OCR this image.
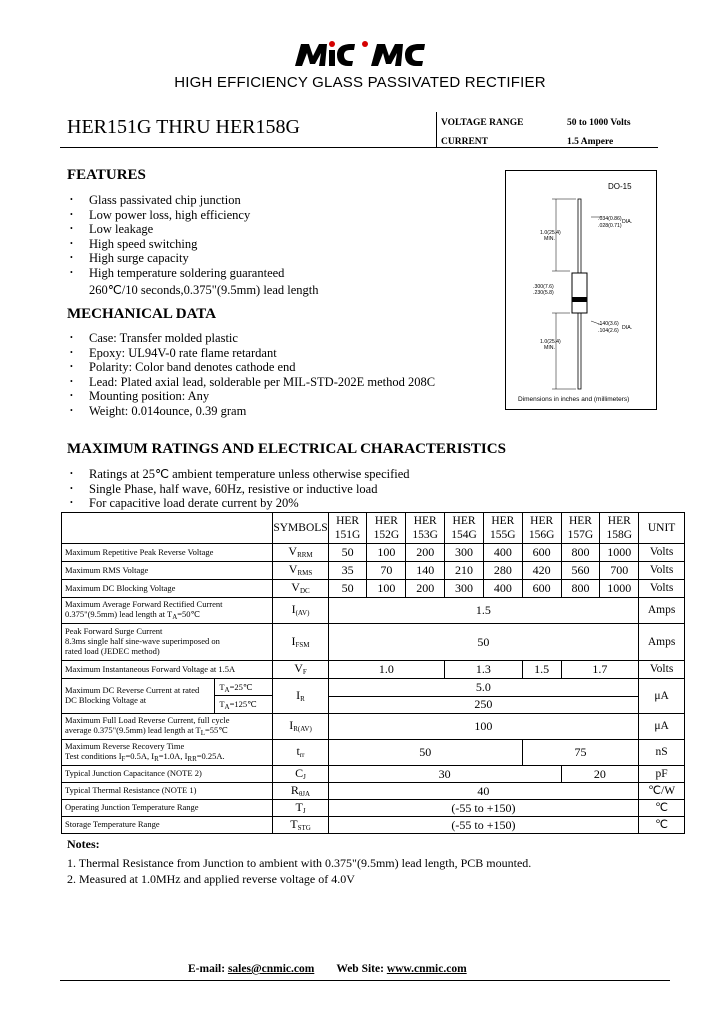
HIGH EFFICIENCY GLASS PASSIVATED RECTIFIER
HER151G THRU HER158G	VOLTAGE RANGE	50 to 1000 Volts
CURRENT	1.5 Ampere
FEATURES
• Glass passivated chip junction
• Low power loss, high efficiency
• Low leakage
• High speed switching
• High surge capacity
• High temperature soldering guaranteed
260℃/10 seconds,0.375"(9.5mm) lead length
MECHANICAL DATA
• Case: Transfer molded plastic
• Epoxy: UL94V-0 rate flame retardant
• Polarity: Color band denotes cathode end
• Lead: Plated axial lead, solderable per MIL-STD-202E method 208C
• Mounting position: Any
• Weight: 0.014ounce, 0.39 gram
DO-15
1.0(25.4)
MIN.
.034(0.86)
.028(0.71)
DIA.
.300(7.6)
.230(5.8)
.140(3.6)
.104(2.6) DIA.
1.0(25.4)
MIN.
Dimensions in inches and (millimeters)
MAXIMUM RATINGS AND ELECTRICAL CHARACTERISTICS
• Ratings at 25℃ ambient temperature unless otherwise specified
• Single Phase, half wave, 60Hz, resistive or inductive load
• For capacitive load derate current by 20%
	SYMBOLS	HER
151G	HER
152G	HER
153G	HER
154G	HER
155G	HER
156G	HER
157G	HER
158G	UNIT
Maximum Repetitive Peak Reverse Voltage	$V_{RRM}$	50	100	200	300	400	600	800	1000	Volts
Maximum RMS Voltage	$V_{RMS}$	35	70	140	210	280	420	560	700	Volts
Maximum DC Blocking Voltage	$V_{DC}$	50	100	200	300	400	600	800	1000	Volts
Maximum Average Forward Rectified Current
0.375"(9.5mm) lead length at $T_A=50℃$	$I_{(AV)}$	1.5								Amps
Peak Forward Surge Current
8.3ms single half sine-wave superimposed on
rated load (JEDEC method)	$I_{FSM}$	50								Amps
Maximum Instantaneous Forward Voltage at 1.5A	$V_F$	1.0			1.3		1.5	1.7		Volts

Maximum DC Reverse Current at rated
DC Blocking Voltage at
$T_A=25℃$
$T_A=125℃$	$I_R$	5.0								μA
		250								
Maximum Full Load Reverse Current, full cycle
average 0.375"(9.5mm) lead length at $T_L=55℃$	$I_{R(AV)}$	100								μA
Maximum Reverse Recovery Time
Test conditions $I_F=0.5A$, $I_R=1.0A$, $I_{RR}=0.25A$.	$t_{rr}$	50					75			nS
Typical Junction Capacitance (NOTE 2)	$C_J$	30						20		pF
Typical Thermal Resistance (NOTE 1)	$R_{\theta JA}$	40								℃/W
Operating Junction Temperature Range	$T_J$	(-55 to +150)								℃
Storage Temperature Range	$T_{STG}$	(-55 to +150)								℃
Notes:
1. Thermal Resistance from Junction to ambient with 0.375"(9.5mm) lead length, PCB mounted.
2. Measured at 1.0MHz and applied reverse voltage of 4.0V
E-mail: sales@cnmic.com Web Site: www.cnmic.com
